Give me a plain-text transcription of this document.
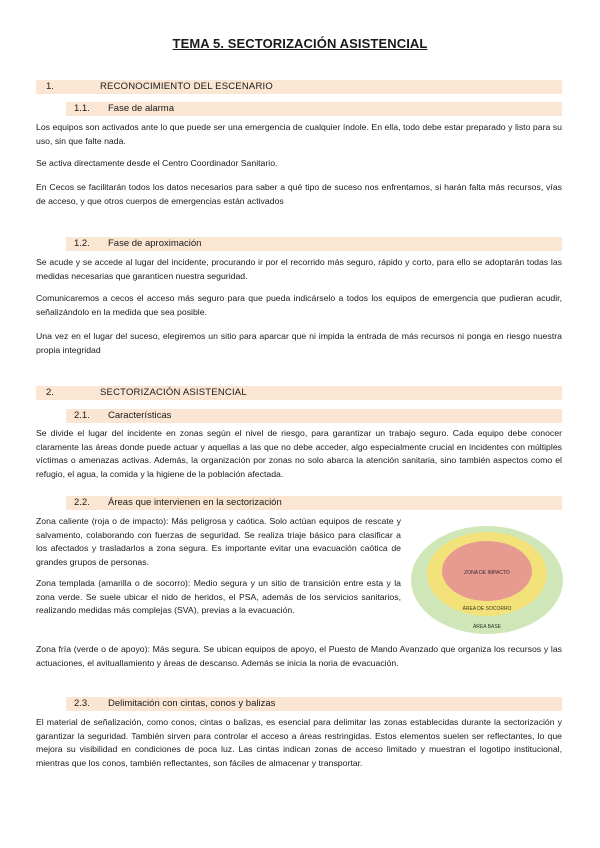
TEMA 5. SECTORIZACIÓN ASISTENCIAL
1.	RECONOCIMIENTO DEL ESCENARIO
1.1. Fase de alarma

Los equipos son activados ante lo que puede ser una emergencia de cualquier índole. En ella, todo debe estar preparado y listo para su uso, sin que falte nada.

Se activa directamente desde el Centro Coordinador Sanitario.

En Cecos se facilitarán todos los datos necesarios para saber a qué tipo de suceso nos enfrentamos, si harán falta más recursos, vías de acceso, y que otros cuerpos de emergencias están activados

1.2. Fase de aproximación

Se acude y se accede al lugar del incidente, procurando ir por el recorrido más seguro, rápido y corto, para ello se adoptarán todas las medidas necesarias que garanticen nuestra seguridad.

Comunicaremos a cecos el acceso más seguro para que pueda indicárselo a todos los equipos de emergencia que pudieran acudir, señalizándolo en la medida que sea posible.

Una vez en el lugar del suceso, elegiremos un sitio para aparcar que ni impida la entrada de más recursos ni ponga en riesgo nuestra propia integridad

2.	SECTORIZACIÓN ASISTENCIAL
2.1. Características

Se divide el lugar del incidente en zonas según el nivel de riesgo, para garantizar un trabajo seguro. Cada equipo debe conocer claramente las áreas donde puede actuar y aquellas a las que no debe acceder, algo especialmente crucial en incidentes con múltiples víctimas o amenazas activas. Además, la organización por zonas no solo abarca la atención sanitaria, sino también aspectos como el refugio, el agua, la comida y la higiene de la población afectada.

2.2. Áreas que intervienen en la sectorización

Zona caliente (roja o de impacto): Más peligrosa y caótica. Solo actúan equipos de rescate y salvamento, colaborando con fuerzas de seguridad. Se realiza triaje básico para clasificar a los afectados y trasladarlos a zona segura. Es importante evitar una evacuación caótica de grandes grupos de personas.

Zona templada (amarilla o de socorro): Medio segura y un sitio de transición entre esta y la zona verde. Se suele ubicar el nido de heridos, el PSA, además de los servicios sanitarios, realizando medidas más complejas (SVA), previas a la evacuación.

Zona fría (verde o de apoyo): Más segura. Se ubican equipos de apoyo, el Puesto de Mando Avanzado que organiza los recursos y las actuaciones, el avituallamiento y áreas de descanso. Además se inicia la noria de evacuación.

ZONA DE IMPACTO
ÁREA DE SOCORRO
ÁREA BASE
2.3. Delimitación con cintas, conos y balizas

El material de señalización, como conos, cintas o balizas, es esencial para delimitar las zonas establecidas durante la sectorización y garantizar la seguridad. También sirven para controlar el acceso a áreas restringidas. Estos elementos suelen ser reflectantes, lo que mejora su visibilidad en condiciones de poca luz. Las cintas indican zonas de acceso limitado y muestran el logotipo institucional, mientras que los conos, también reflectantes, son fáciles de almacenar y transportar.
